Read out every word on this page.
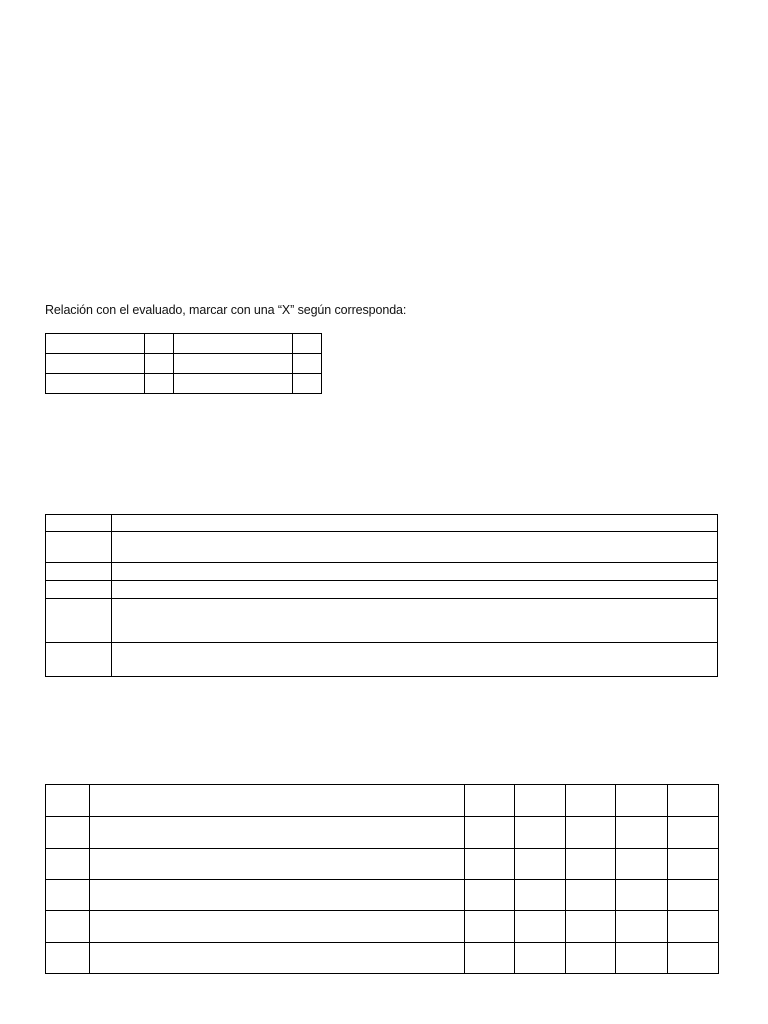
Relación con el evaluado, marcar con una “X” según corresponda:
